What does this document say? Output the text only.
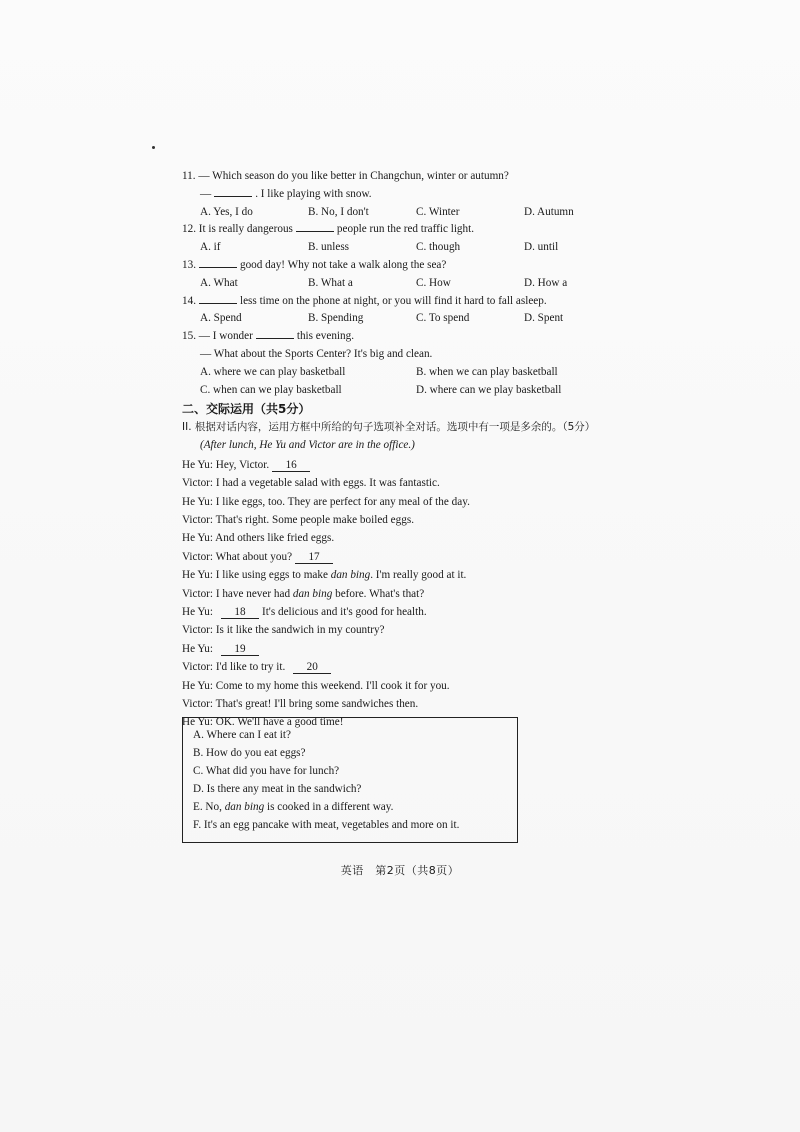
11. — Which season do you like better in Changchun, winter or autumn?
—	. I like playing with snow.
A. Yes, I do	B. No, I don't	C. Winter	D. Autumn
12. It is really dangerous	people run the red traffic light.
A. if	B. unless	C. though	D. until
13.	good day! Why not take a walk along the sea?
A. What	B. What a	C. How	D. How a
14.	less time on the phone at night, or you will find it hard to fall asleep.
A. Spend	B. Spending	C. To spend	D. Spent
15. — I wonder	this evening.
— What about the Sports Center? It's big and clean.
A. where we can play basketball	B. when we can play basketball
C. when can we play basketball	D. where can we play basketball
二、交际运用（共5分）
II. 根据对话内容，运用方框中所给的句子选项补全对话。选项中有一项是多余的。（5分）
(After lunch, He Yu and Victor are in the office.)
He Yu: Hey, Victor. 16
Victor: I had a vegetable salad with eggs. It was fantastic.
He Yu: I like eggs, too. They are perfect for any meal of the day.
Victor: That's right. Some people make boiled eggs.
He Yu: And others like fried eggs.
Victor: What about you? 17
He Yu: I like using eggs to make dan bing. I'm really good at it.
Victor: I have never had dan bing before. What's that?
He Yu: 18 It's delicious and it's good for health.
Victor: Is it like the sandwich in my country?
He Yu: 19
Victor: I'd like to try it. 20
He Yu: Come to my home this weekend. I'll cook it for you.
Victor: That's great! I'll bring some sandwiches then.
He Yu: OK. We'll have a good time!
A. Where can I eat it?
B. How do you eat eggs?
C. What did you have for lunch?
D. Is there any meat in the sandwich?
E. No, dan bing is cooked in a different way.
F. It's an egg pancake with meat, vegetables and more on it.
英语　第2页（共8页）
